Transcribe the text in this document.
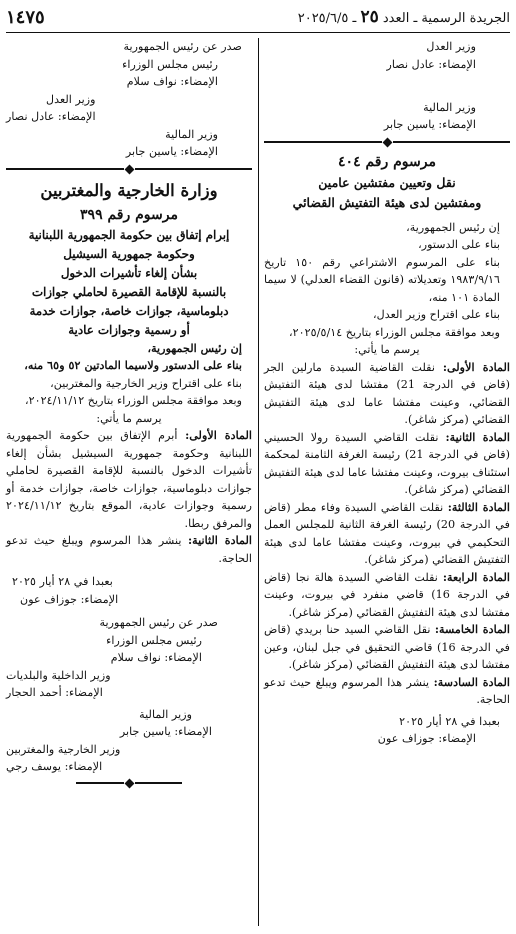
الجريدة الرسمية ـ العدد ٢٥ ـ ٢٠٢٥/٦/٥
١٤٧٥

وزير العدل

الإمضاء: عادل نصار

وزير المالية

الإمضاء: ياسين جابر

مرسوم رقم ٤٠٤

نقل وتعيين مفتشين عامين

ومفتشين لدى هيئة التفتيش القضائي

إن رئيس الجمهورية،

بناء على الدستور،

بناء على المرسوم الاشتراعي رقم ١٥٠ تاريخ ١٩٨٣/٩/١٦ وتعديلاته (قانون القضاء العدلي) لا سيما المادة ١٠١ منه،

بناء على اقتراح وزير العدل،

وبعد موافقة مجلس الوزراء بتاريخ ٢٠٢٥/٥/١٤،

يرسم ما يأتي:

المادة الأولى: نقلت القاضية السيدة مارلين الجر (قاض في الدرجة 21) مفتشا لدى هيئة التفتيش القضائي، وعينت مفتشا عاما لدى هيئة التفتيش القضائي (مركز شاغر).

المادة الثانية: نقلت القاضي السيدة رولا الحسيني (قاض في الدرجة 21) رئيسة الغرفة الثامنة لمحكمة استئناف بيروت، وعينت مفتشا عاما لدى هيئة التفتيش القضائي (مركز شاغر).

المادة الثالثة: نقلت القاضي السيدة وفاء مطر (قاض في الدرجة 20) رئيسة الغرفة الثانية للمجلس العمل التحكيمي في بيروت، وعينت مفتشا عاما لدى هيئة التفتيش القضائي (مركز شاغر).

المادة الرابعة: نقلت القاضي السيدة هالة نجا (قاض في الدرجة 16) قاضي منفرد في بيروت، وعينت مفتشا لدى هيئة التفتيش القضائي (مركز شاغر).

المادة الخامسة: نقل القاضي السيد حنا بريدي (قاض في الدرجة 16) قاضي التحقيق في جبل لبنان، وعين مفتشا لدى هيئة التفتيش القضائي (مركز شاغر).

المادة السادسة: ينشر هذا المرسوم ويبلغ حيث تدعو الحاجة.

بعبدا في ٢٨ أيار ٢٠٢٥

الإمضاء: جوزاف عون

صدر عن رئيس الجمهورية

رئيس مجلس الوزراء

الإمضاء: نواف سلام

وزير العدل

الإمضاء: عادل نصار

وزير المالية

الإمضاء: ياسين جابر

وزارة الخارجية والمغتربين

مرسوم رقم ٣٩٩

إبرام إتفاق بين حكومة الجمهورية اللبنانية

وحكومة جمهورية السيشيل

بشأن إلغاء تأشيرات الدخول

بالنسبة للإقامة القصيرة لحاملي جوازات

دبلوماسية، جوازات خاصة، جوازات خدمة

أو رسمية وجوازات عادية

إن رئيس الجمهورية،

بناء على الدستور ولاسيما المادتين ٥٢ و٦٥ منه،

بناء على اقتراح وزير الخارجية والمغتربين،

وبعد موافقة مجلس الوزراء بتاريخ ٢٠٢٤/١١/١٢،

يرسم ما يأتي:

المادة الأولى: أبرم الإتفاق بين حكومة الجمهورية اللبنانية وحكومة جمهورية السيشيل بشأن إلغاء تأشيرات الدخول بالنسبة للإقامة القصيرة لحاملي جوازات دبلوماسية، جوازات خاصة، جوازات خدمة أو رسمية وجوازات عادية، الموقع بتاريخ ٢٠٢٤/١١/١٢ والمرفق ربطا.

المادة الثانية: ينشر هذا المرسوم ويبلغ حيث تدعو الحاجة.

بعبدا في ٢٨ أيار ٢٠٢٥

الإمضاء: جوزاف عون

صدر عن رئيس الجمهورية

رئيس مجلس الوزراء

الإمضاء: نواف سلام

وزير الداخلية والبلديات

الإمضاء: أحمد الحجار

وزير المالية

الإمضاء: ياسين جابر

وزير الخارجية والمغتربين

الإمضاء: يوسف رجي
